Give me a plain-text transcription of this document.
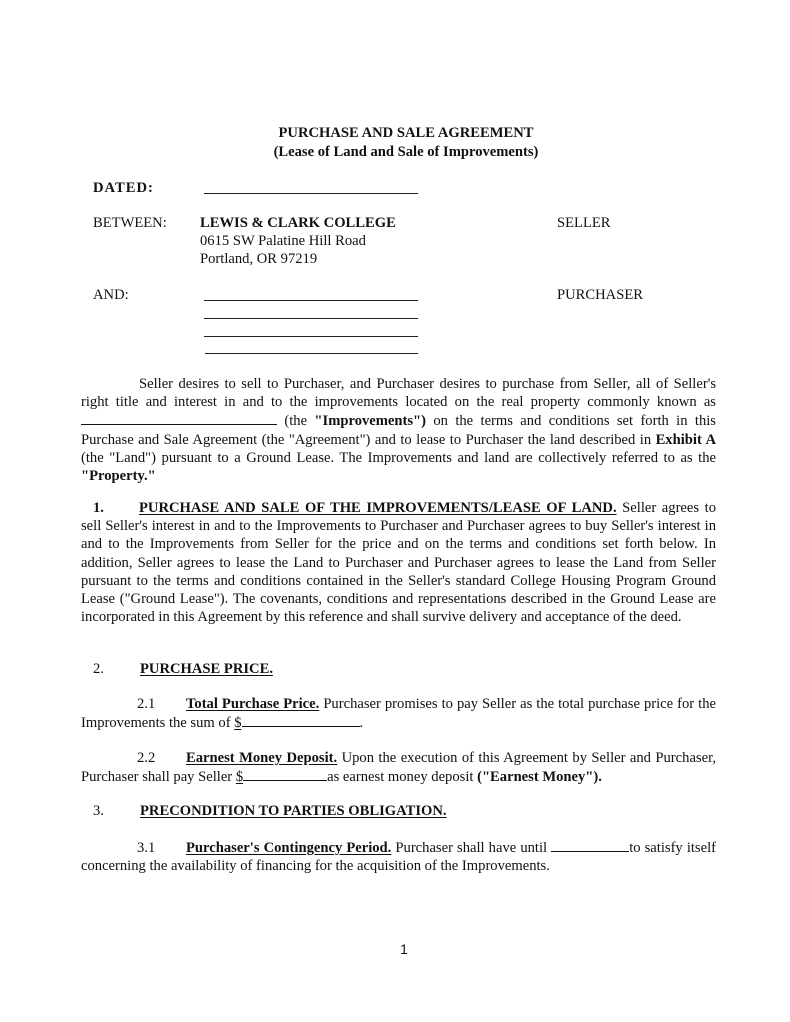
PURCHASE AND SALE AGREEMENT
(Lease of Land and Sale of Improvements)
DATED:
BETWEEN: LEWIS & CLARK COLLEGE
0615 SW Palatine Hill Road
Portland, OR 97219
SELLER
AND:	PURCHASER
Seller desires to sell to Purchaser, and Purchaser desires to purchase from Seller, all of Seller's right title and interest in and to the improvements located on the real property commonly known as  (the "Improvements") on the terms and conditions set forth in this Purchase and Sale Agreement (the "Agreement") and to lease to Purchaser the land described in Exhibit A (the "Land") pursuant to a Ground Lease. The Improvements and land are collectively referred to as the "Property."
1. PURCHASE AND SALE OF THE IMPROVEMENTS/LEASE OF LAND. Seller agrees to sell Seller's interest in and to the Improvements to Purchaser and Purchaser agrees to buy Seller's interest in and to the Improvements from Seller for the price and on the terms and conditions set forth below. In addition, Seller agrees to lease the Land to Purchaser and Purchaser agrees to lease the Land from Seller pursuant to the terms and conditions contained in the Seller's standard College Housing Program Ground Lease ("Ground Lease"). The covenants, conditions and representations described in the Ground Lease are incorporated in this Agreement by this reference and shall survive delivery and acceptance of the deed.
2. PURCHASE PRICE.
2.1 Total Purchase Price. Purchaser promises to pay Seller as the total purchase price for the Improvements the sum of $	.
2.2 Earnest Money Deposit. Upon the execution of this Agreement by Seller and Purchaser, Purchaser shall pay Seller $	as earnest money deposit ("Earnest Money").
3. PRECONDITION TO PARTIES OBLIGATION.
3.1 Purchaser's Contingency Period. Purchaser shall have until	to satisfy itself concerning the availability of financing for the acquisition of the Improvements.
1
